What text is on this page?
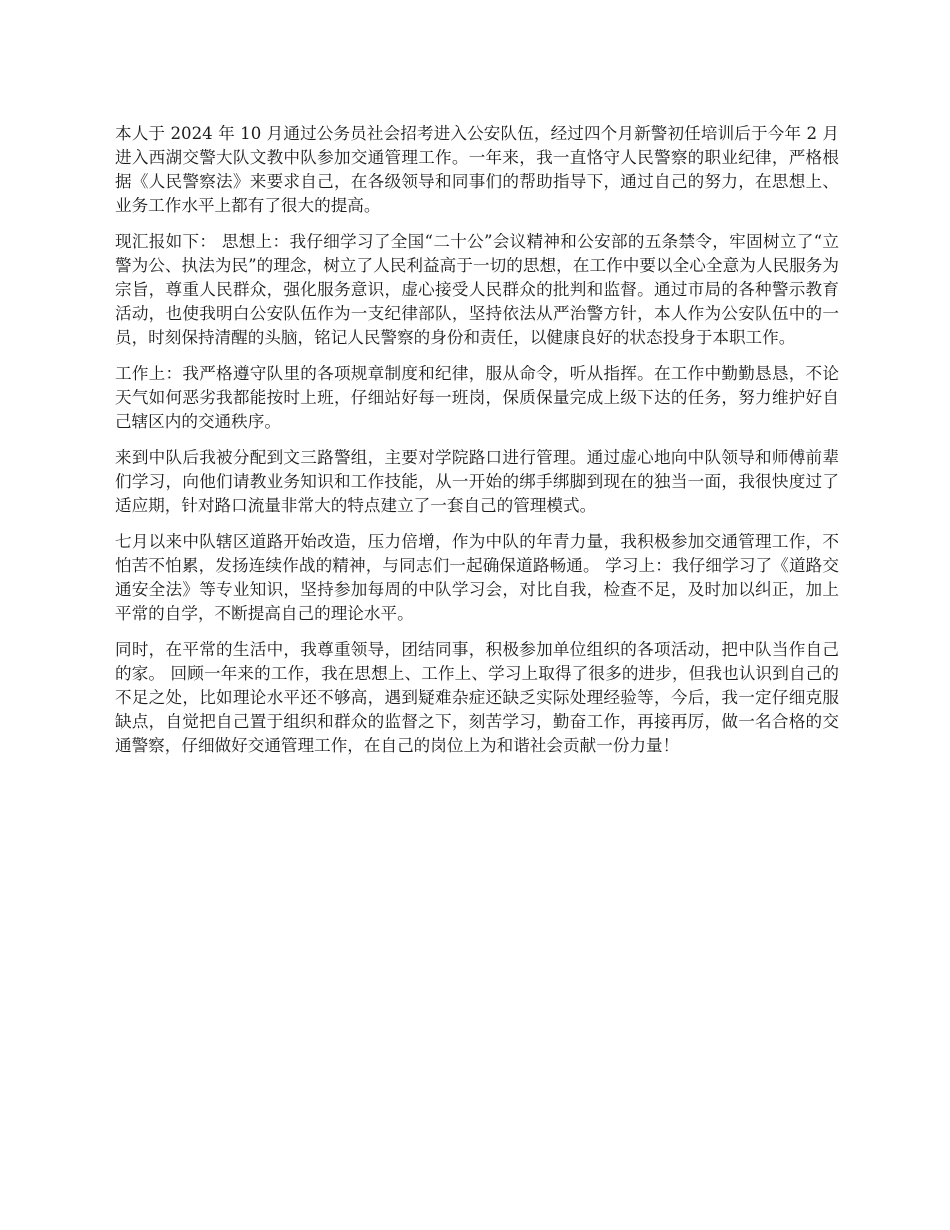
本人于 2024 年 10 月通过公务员社会招考进入公安队伍，经过四个月新警初任培训后于今年 2 月进入西湖交警大队文教中队参加交通管理工作。一年来，我一直恪守人民警察的职业纪律，严格根据《人民警察法》来要求自己，在各级领导和同事们的帮助指导下，通过自己的努力，在思想上、业务工作水平上都有了很大的提高。

现汇报如下： 思想上：我仔细学习了全国“二十公”会议精神和公安部的五条禁令，牢固树立了“立警为公、执法为民”的理念，树立了人民利益高于一切的思想，在工作中要以全心全意为人民服务为宗旨，尊重人民群众，强化服务意识，虚心接受人民群众的批判和监督。通过市局的各种警示教育活动，也使我明白公安队伍作为一支纪律部队，坚持依法从严治警方针，本人作为公安队伍中的一员，时刻保持清醒的头脑，铭记人民警察的身份和责任，以健康良好的状态投身于本职工作。

工作上：我严格遵守队里的各项规章制度和纪律，服从命令，听从指挥。在工作中勤勤恳恳，不论天气如何恶劣我都能按时上班，仔细站好每一班岗，保质保量完成上级下达的任务，努力维护好自己辖区内的交通秩序。

来到中队后我被分配到文三路警组，主要对学院路口进行管理。通过虚心地向中队领导和师傅前辈们学习，向他们请教业务知识和工作技能，从一开始的绑手绑脚到现在的独当一面，我很快度过了适应期，针对路口流量非常大的特点建立了一套自己的管理模式。

七月以来中队辖区道路开始改造，压力倍增，作为中队的年青力量，我积极参加交通管理工作，不怕苦不怕累，发扬连续作战的精神，与同志们一起确保道路畅通。 学习上：我仔细学习了《道路交通安全法》等专业知识，坚持参加每周的中队学习会，对比自我，检查不足，及时加以纠正，加上平常的自学，不断提高自己的理论水平。

同时，在平常的生活中，我尊重领导，团结同事，积极参加单位组织的各项活动，把中队当作自己的家。 回顾一年来的工作，我在思想上、工作上、学习上取得了很多的进步，但我也认识到自己的不足之处，比如理论水平还不够高，遇到疑难杂症还缺乏实际处理经验等，今后，我一定仔细克服缺点，自觉把自己置于组织和群众的监督之下，刻苦学习，勤奋工作，再接再厉，做一名合格的交通警察，仔细做好交通管理工作，在自己的岗位上为和谐社会贡献一份力量！
